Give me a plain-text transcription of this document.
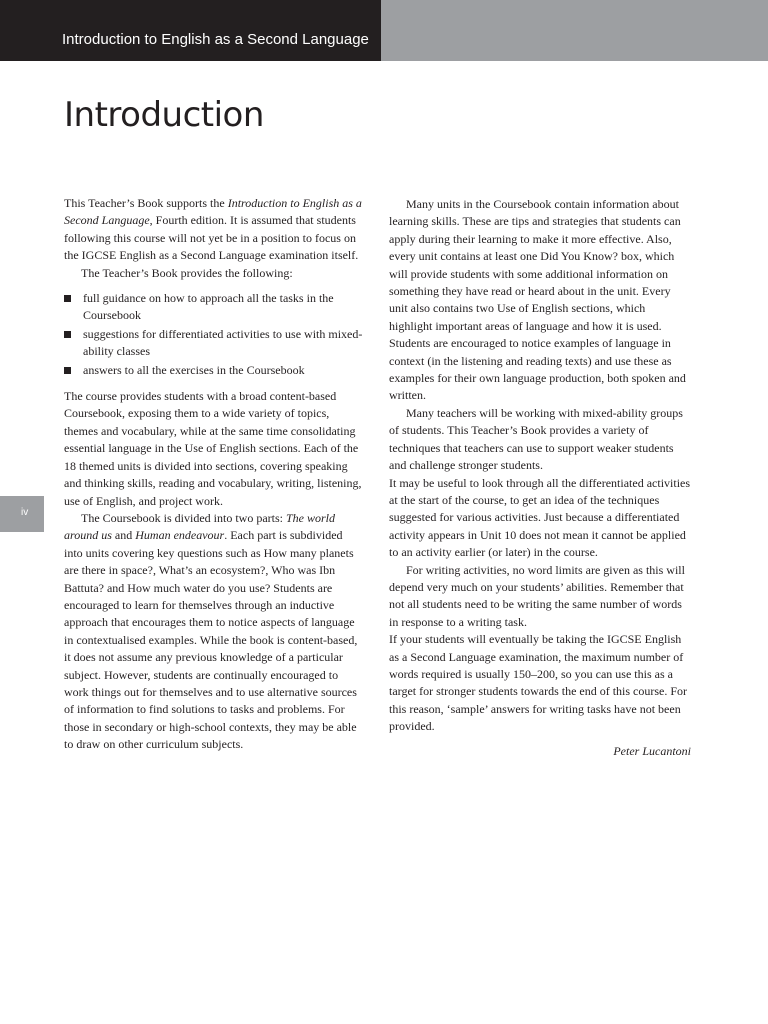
Introduction to English as a Second Language
Introduction
iv

This Teacher’s Book supports the Introduction to English as a Second Language, Fourth edition. It is assumed that students following this course will not yet be in a position to focus on the IGCSE English as a Second Language examination itself.

The Teacher’s Book provides the following:

full guidance on how to approach all the tasks in the Coursebook
suggestions for differentiated activities to use with mixed-ability classes
answers to all the exercises in the Coursebook

The course provides students with a broad content-based Coursebook, exposing them to a wide variety of topics, themes and vocabulary, while at the same time consolidating essential language in the Use of English sections. Each of the 18 themed units is divided into sections, covering speaking and thinking skills, reading and vocabulary, writing, listening, use of English, and project work.

The Coursebook is divided into two parts: The world around us and Human endeavour. Each part is subdivided into units covering key questions such as How many planets are there in space?, What’s an ecosystem?, Who was Ibn Battuta? and How much water do you use? Students are encouraged to learn for themselves through an inductive approach that encourages them to notice aspects of language in contextualised examples. While the book is content-based, it does not assume any previous knowledge of a particular subject. However, students are continually encouraged to work things out for themselves and to use alternative sources of information to find solutions to tasks and problems. For those in secondary or high-school contexts, they may be able to draw on other curriculum subjects.

Many units in the Coursebook contain information about learning skills. These are tips and strategies that students can apply during their learning to make it more effective. Also, every unit contains at least one Did You Know? box, which will provide students with some additional information on something they have read or heard about in the unit. Every unit also contains two Use of English sections, which highlight important areas of language and how it is used. Students are encouraged to notice examples of language in context (in the listening and reading texts) and use these as examples for their own language production, both spoken and written.

Many teachers will be working with mixed-ability groups of students. This Teacher’s Book provides a variety of techniques that teachers can use to support weaker students and challenge stronger students.

It may be useful to look through all the differentiated activities at the start of the course, to get an idea of the techniques suggested for various activities. Just because a differentiated activity appears in Unit 10 does not mean it cannot be applied to an activity earlier (or later) in the course.

For writing activities, no word limits are given as this will depend very much on your students’ abilities. Remember that not all students need to be writing the same number of words in response to a writing task.

If your students will eventually be taking the IGCSE English as a Second Language examination, the maximum number of words required is usually 150–200, so you can use this as a target for stronger students towards the end of this course. For this reason, ‘sample’ answers for writing tasks have not been provided.

Peter Lucantoni
